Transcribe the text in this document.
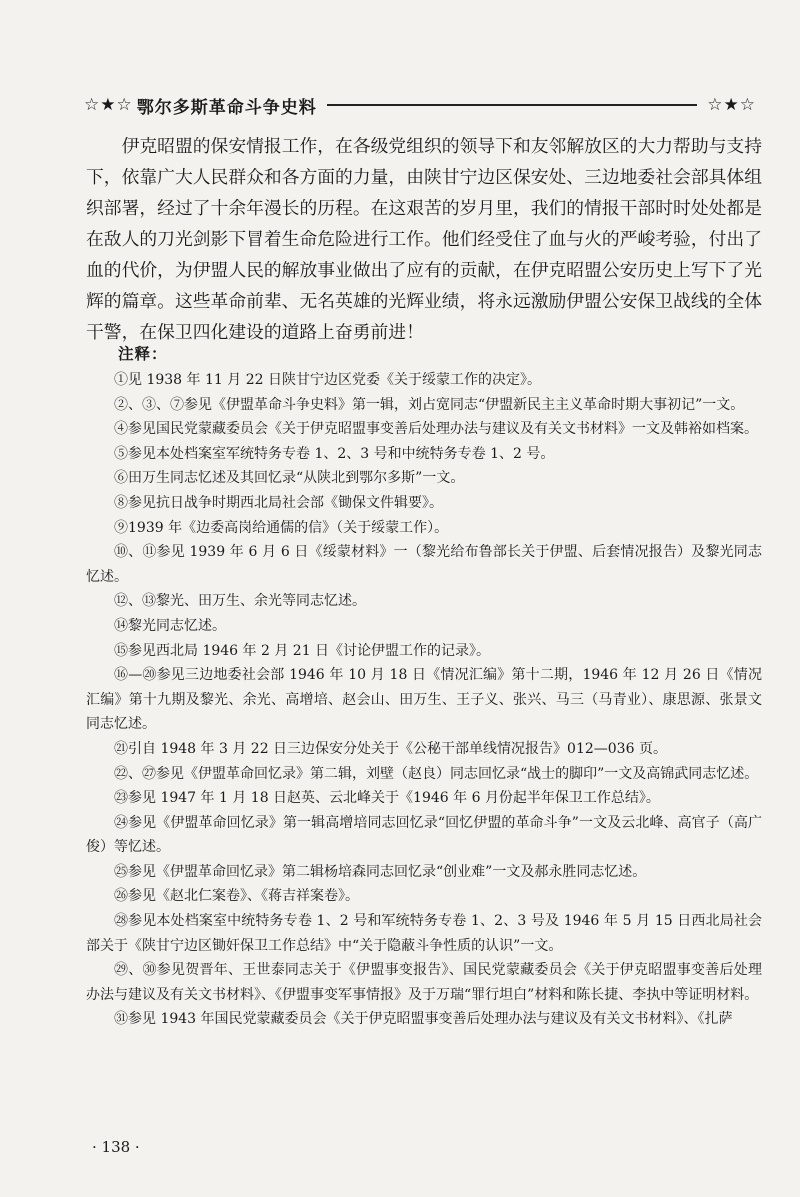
☆★☆ 鄂尔多斯革命斗争史料	☆★☆

伊克昭盟的保安情报工作，在各级党组织的领导下和友邻解放区的大力帮助与支持下，依靠广大人民群众和各方面的力量，由陕甘宁边区保安处、三边地委社会部具体组织部署，经过了十余年漫长的历程。在这艰苦的岁月里，我们的情报干部时时处处都是在敌人的刀光剑影下冒着生命危险进行工作。他们经受住了血与火的严峻考验，付出了血的代价，为伊盟人民的解放事业做出了应有的贡献，在伊克昭盟公安历史上写下了光辉的篇章。这些革命前辈、无名英雄的光辉业绩，将永远激励伊盟公安保卫战线的全体干警，在保卫四化建设的道路上奋勇前进！

注释：

①见 1938 年 11 月 22 日陕甘宁边区党委《关于绥蒙工作的决定》。
②、③、⑦参见《伊盟革命斗争史料》第一辑，刘占宽同志“伊盟新民主主义革命时期大事初记”一文。
④参见国民党蒙藏委员会《关于伊克昭盟事变善后处理办法与建议及有关文书材料》一文及韩裕如档案。
⑤参见本处档案室军统特务专卷 1、2、3 号和中统特务专卷 1、2 号。
⑥田万生同志忆述及其回忆录“从陕北到鄂尔多斯”一文。
⑧参见抗日战争时期西北局社会部《锄保文件辑要》。
⑨1939 年《边委高岗给通儒的信》（关于绥蒙工作）。
⑩、⑪参见 1939 年 6 月 6 日《绥蒙材料》一（黎光给布鲁部长关于伊盟、后套情况报告）及黎光同志忆述。
⑫、⑬黎光、田万生、余光等同志忆述。
⑭黎光同志忆述。
⑮参见西北局 1946 年 2 月 21 日《讨论伊盟工作的记录》。
⑯—⑳参见三边地委社会部 1946 年 10 月 18 日《情况汇编》第十二期，1946 年 12 月 26 日《情况汇编》第十九期及黎光、余光、高增培、赵会山、田万生、王子义、张兴、马三（马青业）、康思源、张景文同志忆述。
㉑引自 1948 年 3 月 22 日三边保安分处关于《公秘干部单线情况报告》012—036 页。
㉒、㉗参见《伊盟革命回忆录》第二辑，刘壁（赵良）同志回忆录“战士的脚印”一文及高锦武同志忆述。
㉓参见 1947 年 1 月 18 日赵英、云北峰关于《1946 年 6 月份起半年保卫工作总结》。
㉔参见《伊盟革命回忆录》第一辑高增培同志回忆录“回忆伊盟的革命斗争”一文及云北峰、高官子（高广俊）等忆述。
㉕参见《伊盟革命回忆录》第二辑杨培森同志回忆录“创业难”一文及郝永胜同志忆述。
㉖参见《赵北仁案卷》、《蒋吉祥案卷》。
㉘参见本处档案室中统特务专卷 1、2 号和军统特务专卷 1、2、3 号及 1946 年 5 月 15 日西北局社会部关于《陕甘宁边区锄奸保卫工作总结》中“关于隐蔽斗争性质的认识”一文。
㉙、㉚参见贺晋年、王世泰同志关于《伊盟事变报告》、国民党蒙藏委员会《关于伊克昭盟事变善后处理办法与建议及有关文书材料》、《伊盟事变军事情报》及于万瑞“罪行坦白”材料和陈长捷、李执中等证明材料。
㉛参见 1943 年国民党蒙藏委员会《关于伊克昭盟事变善后处理办法与建议及有关文书材料》、《扎萨
· 138 ·
